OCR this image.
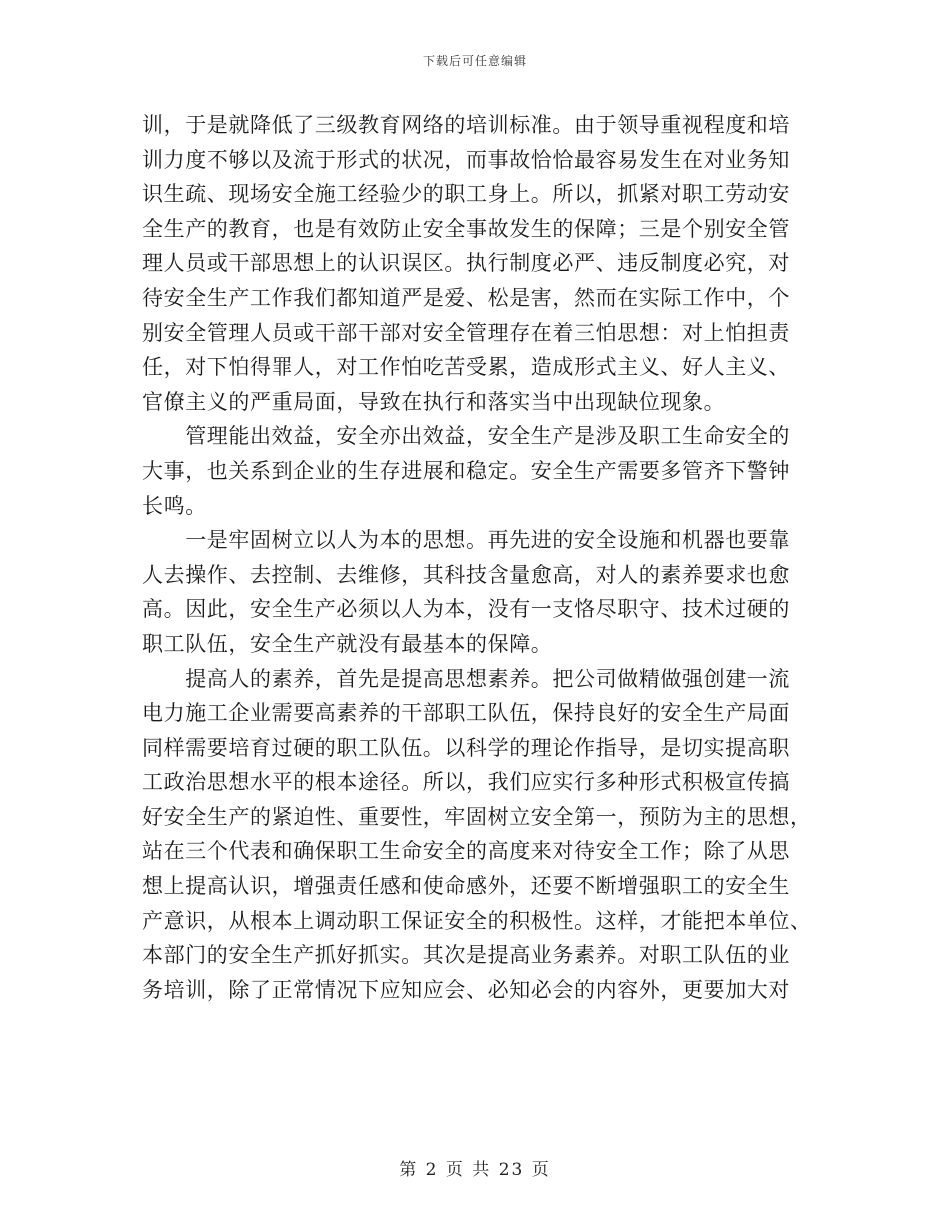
下载后可任意编辑
训，于是就降低了三级教育网络的培训标准。由于领导重视程度和培
训力度不够以及流于形式的状况，而事故恰恰最容易发生在对业务知
识生疏、现场安全施工经验少的职工身上。所以，抓紧对职工劳动安
全生产的教育，也是有效防止安全事故发生的保障；三是个别安全管
理人员或干部思想上的认识误区。执行制度必严、违反制度必究，对
待安全生产工作我们都知道严是爱、松是害，然而在实际工作中，个
别安全管理人员或干部干部对安全管理存在着三怕思想：对上怕担责
任，对下怕得罪人，对工作怕吃苦受累，造成形式主义、好人主义、
官僚主义的严重局面，导致在执行和落实当中出现缺位现象。
　　管理能出效益，安全亦出效益，安全生产是涉及职工生命安全的
大事，也关系到企业的生存进展和稳定。安全生产需要多管齐下警钟
长鸣。
　　一是牢固树立以人为本的思想。再先进的安全设施和机器也要靠
人去操作、去控制、去维修，其科技含量愈高，对人的素养要求也愈
高。因此，安全生产必须以人为本，没有一支恪尽职守、技术过硬的
职工队伍，安全生产就没有最基本的保障。
　　提高人的素养，首先是提高思想素养。把公司做精做强创建一流
电力施工企业需要高素养的干部职工队伍，保持良好的安全生产局面
同样需要培育过硬的职工队伍。以科学的理论作指导，是切实提高职
工政治思想水平的根本途径。所以，我们应实行多种形式积极宣传搞
好安全生产的紧迫性、重要性，牢固树立安全第一，预防为主的思想，
站在三个代表和确保职工生命安全的高度来对待安全工作；除了从思
想上提高认识，增强责任感和使命感外，还要不断增强职工的安全生
产意识，从根本上调动职工保证安全的积极性。这样，才能把本单位、
本部门的安全生产抓好抓实。其次是提高业务素养。对职工队伍的业
务培训，除了正常情况下应知应会、必知必会的内容外，更要加大对
第 2 页 共 23 页
